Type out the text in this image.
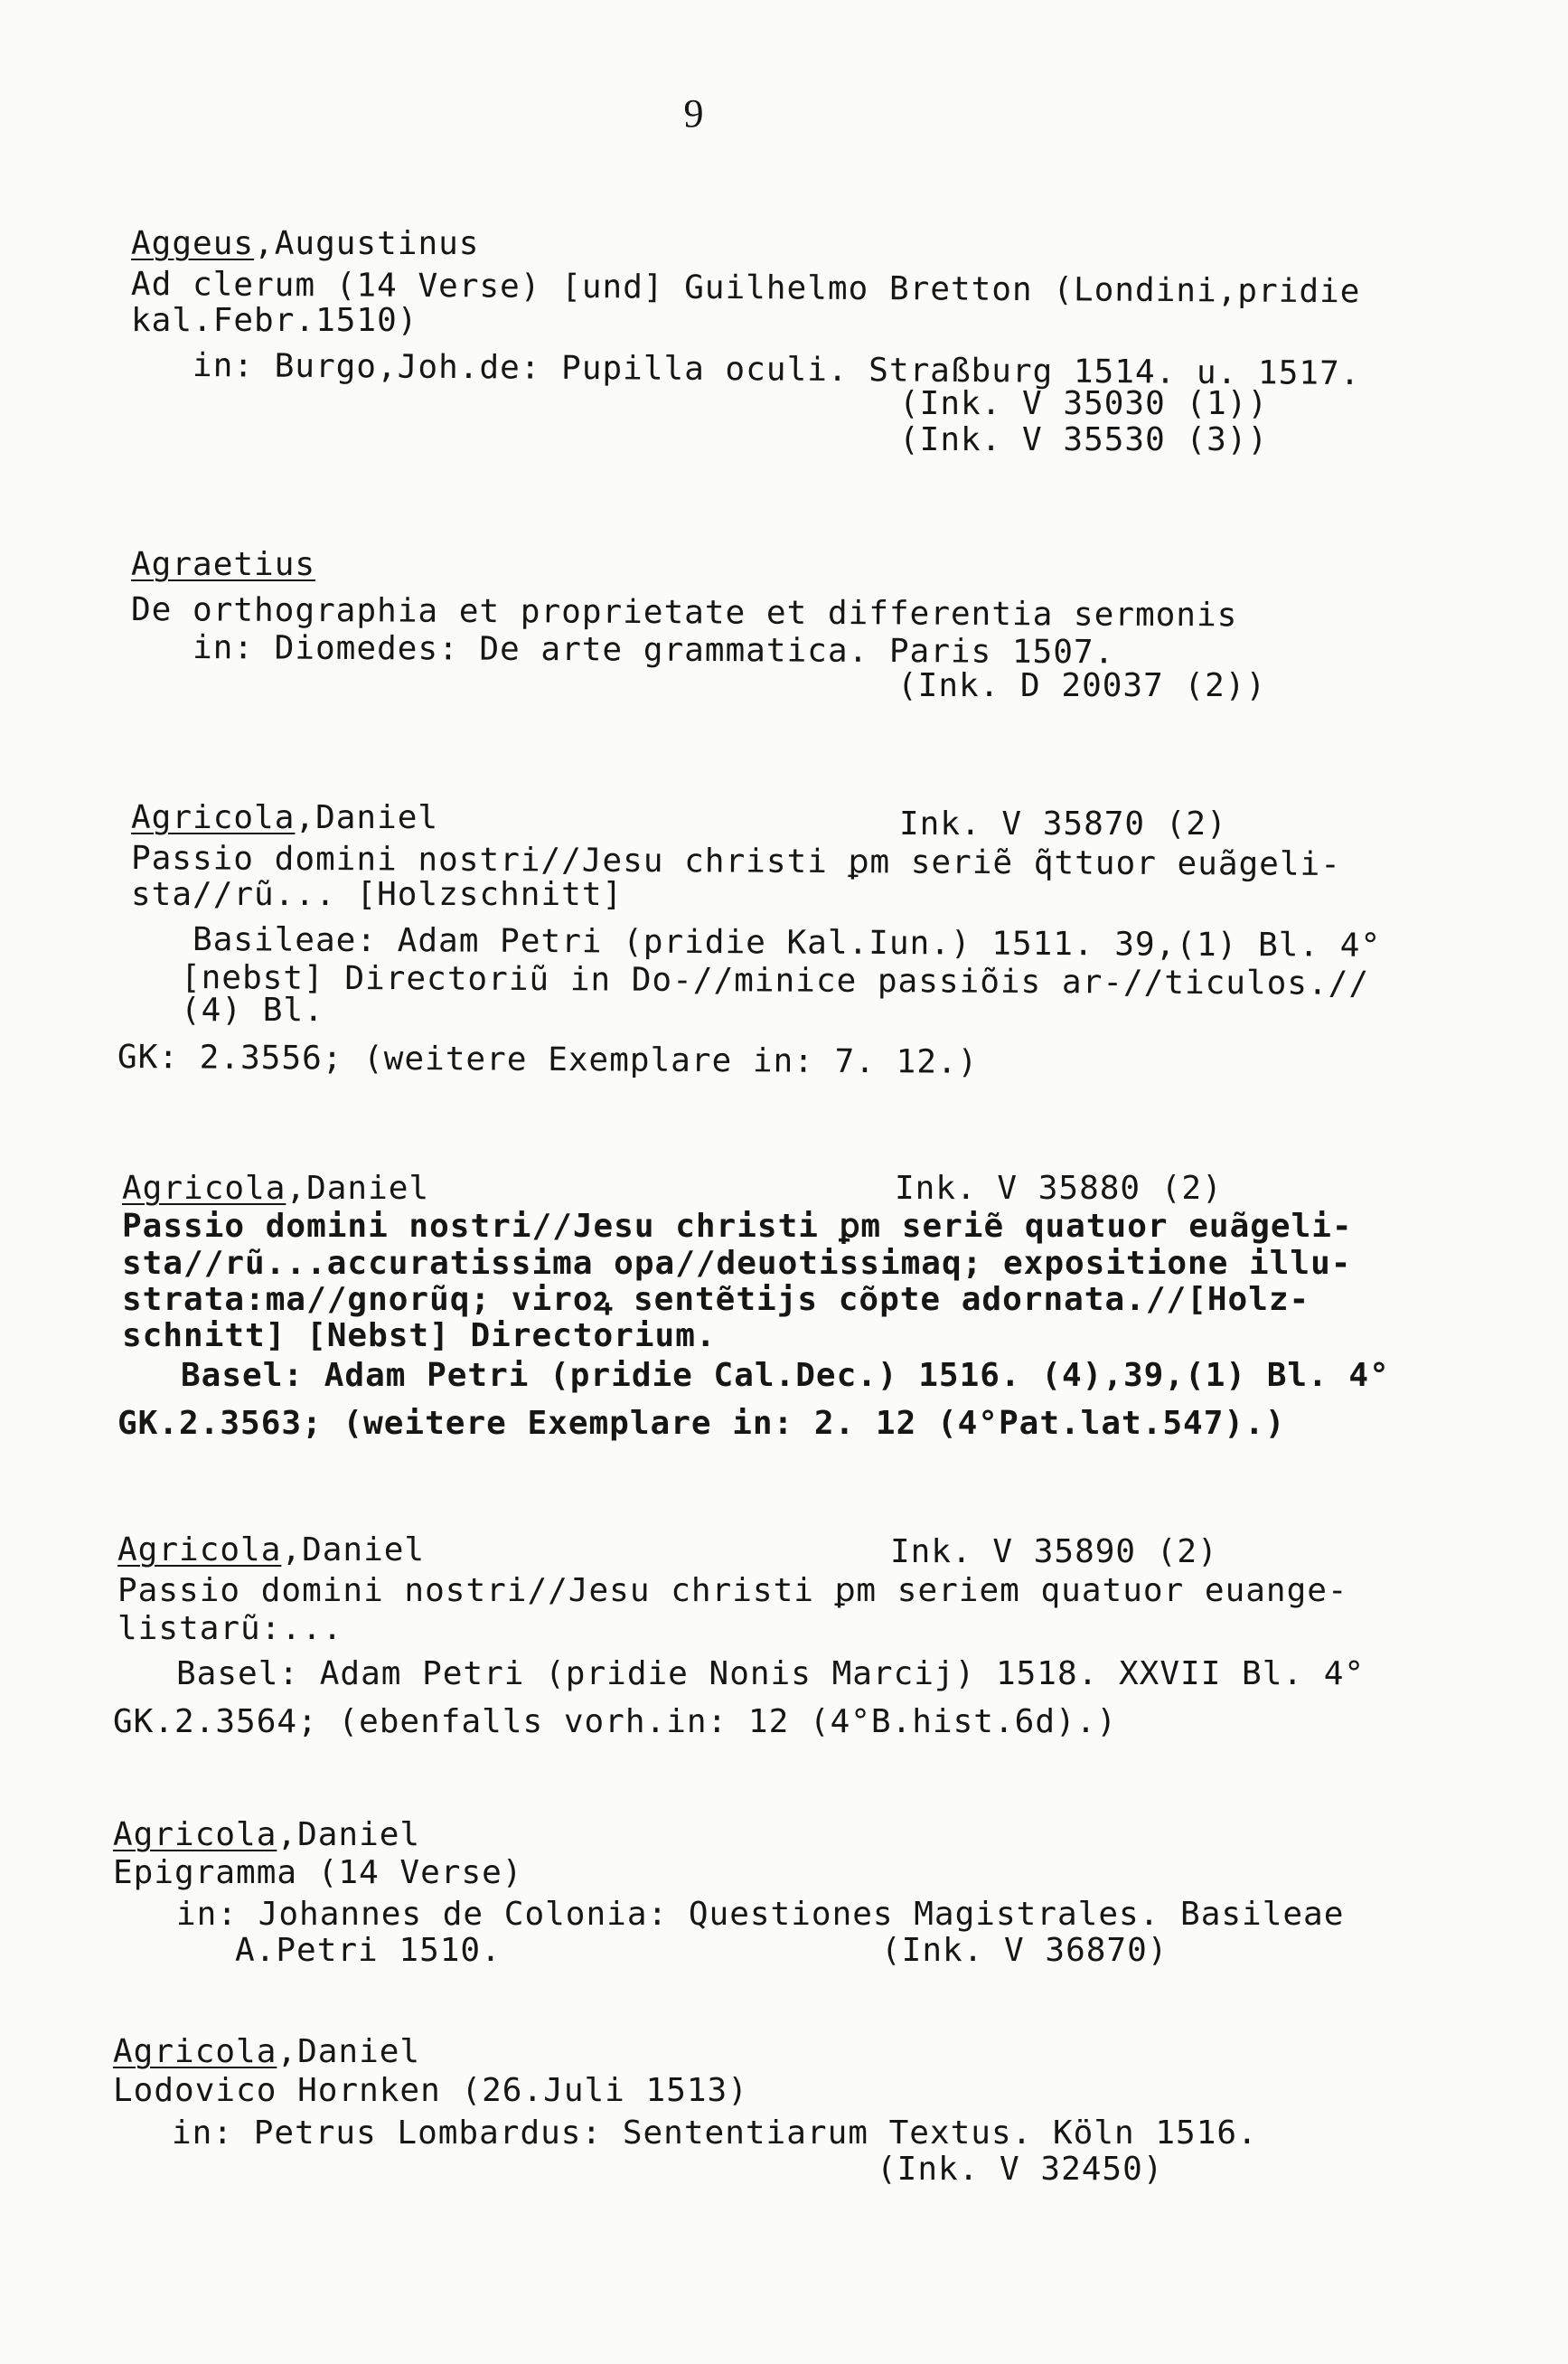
9
Aggeus,Augustinus
Ad clerum (14 Verse) [und] Guilhelmo Bretton (Londini,pridie
kal.Febr.1510)
in: Burgo,Joh.de: Pupilla oculi. Straßburg 1514. u. 1517.
(Ink. V 35030 (1))
(Ink. V 35530 (3))
Agraetius
De orthographia et proprietate et differentia sermonis
in: Diomedes: De arte grammatica. Paris 1507.
(Ink. D 20037 (2))
Agricola,Daniel	Ink. V 35870 (2)
Passio domini nostri//Jesu christi ꝑm seriẽ q̃ttuor euãgeli-
sta//rũ... [Holzschnitt]
Basileae: Adam Petri (pridie Kal.Iun.) 1511. 39,(1) Bl. 4°
[nebst] Directoriũ in Do-//minice passiõis ar-//ticulos.//
(4) Bl.
GK: 2.3556; (weitere Exemplare in: 7. 12.)
Agricola,Daniel	Ink. V 35880 (2)
Passio domini nostri//Jesu christi ꝑm seriẽ quatuor euãgeli-
sta//rũ...accuratissima opa//deuotissimaq; expositione illu-
strata:ma//gnorũq; viroꝝ sentẽtijs cõpte adornata.//[Holz-
schnitt] [Nebst] Directorium.
Basel: Adam Petri (pridie Cal.Dec.) 1516. (4),39,(1) Bl. 4°
GK.2.3563; (weitere Exemplare in: 2. 12 (4°Pat.lat.547).)
Agricola,Daniel	Ink. V 35890 (2)
Passio domini nostri//Jesu christi ꝑm seriem quatuor euange-
listarũ:...
Basel: Adam Petri (pridie Nonis Marcij) 1518. XXVII Bl. 4°
GK.2.3564; (ebenfalls vorh.in: 12 (4°B.hist.6d).)
Agricola,Daniel
Epigramma (14 Verse)
in: Johannes de Colonia: Questiones Magistrales. Basileae
A.Petri 1510.	(Ink. V 36870)
Agricola,Daniel
Lodovico Hornken (26.Juli 1513)
in: Petrus Lombardus: Sententiarum Textus. Köln 1516.
(Ink. V 32450)
